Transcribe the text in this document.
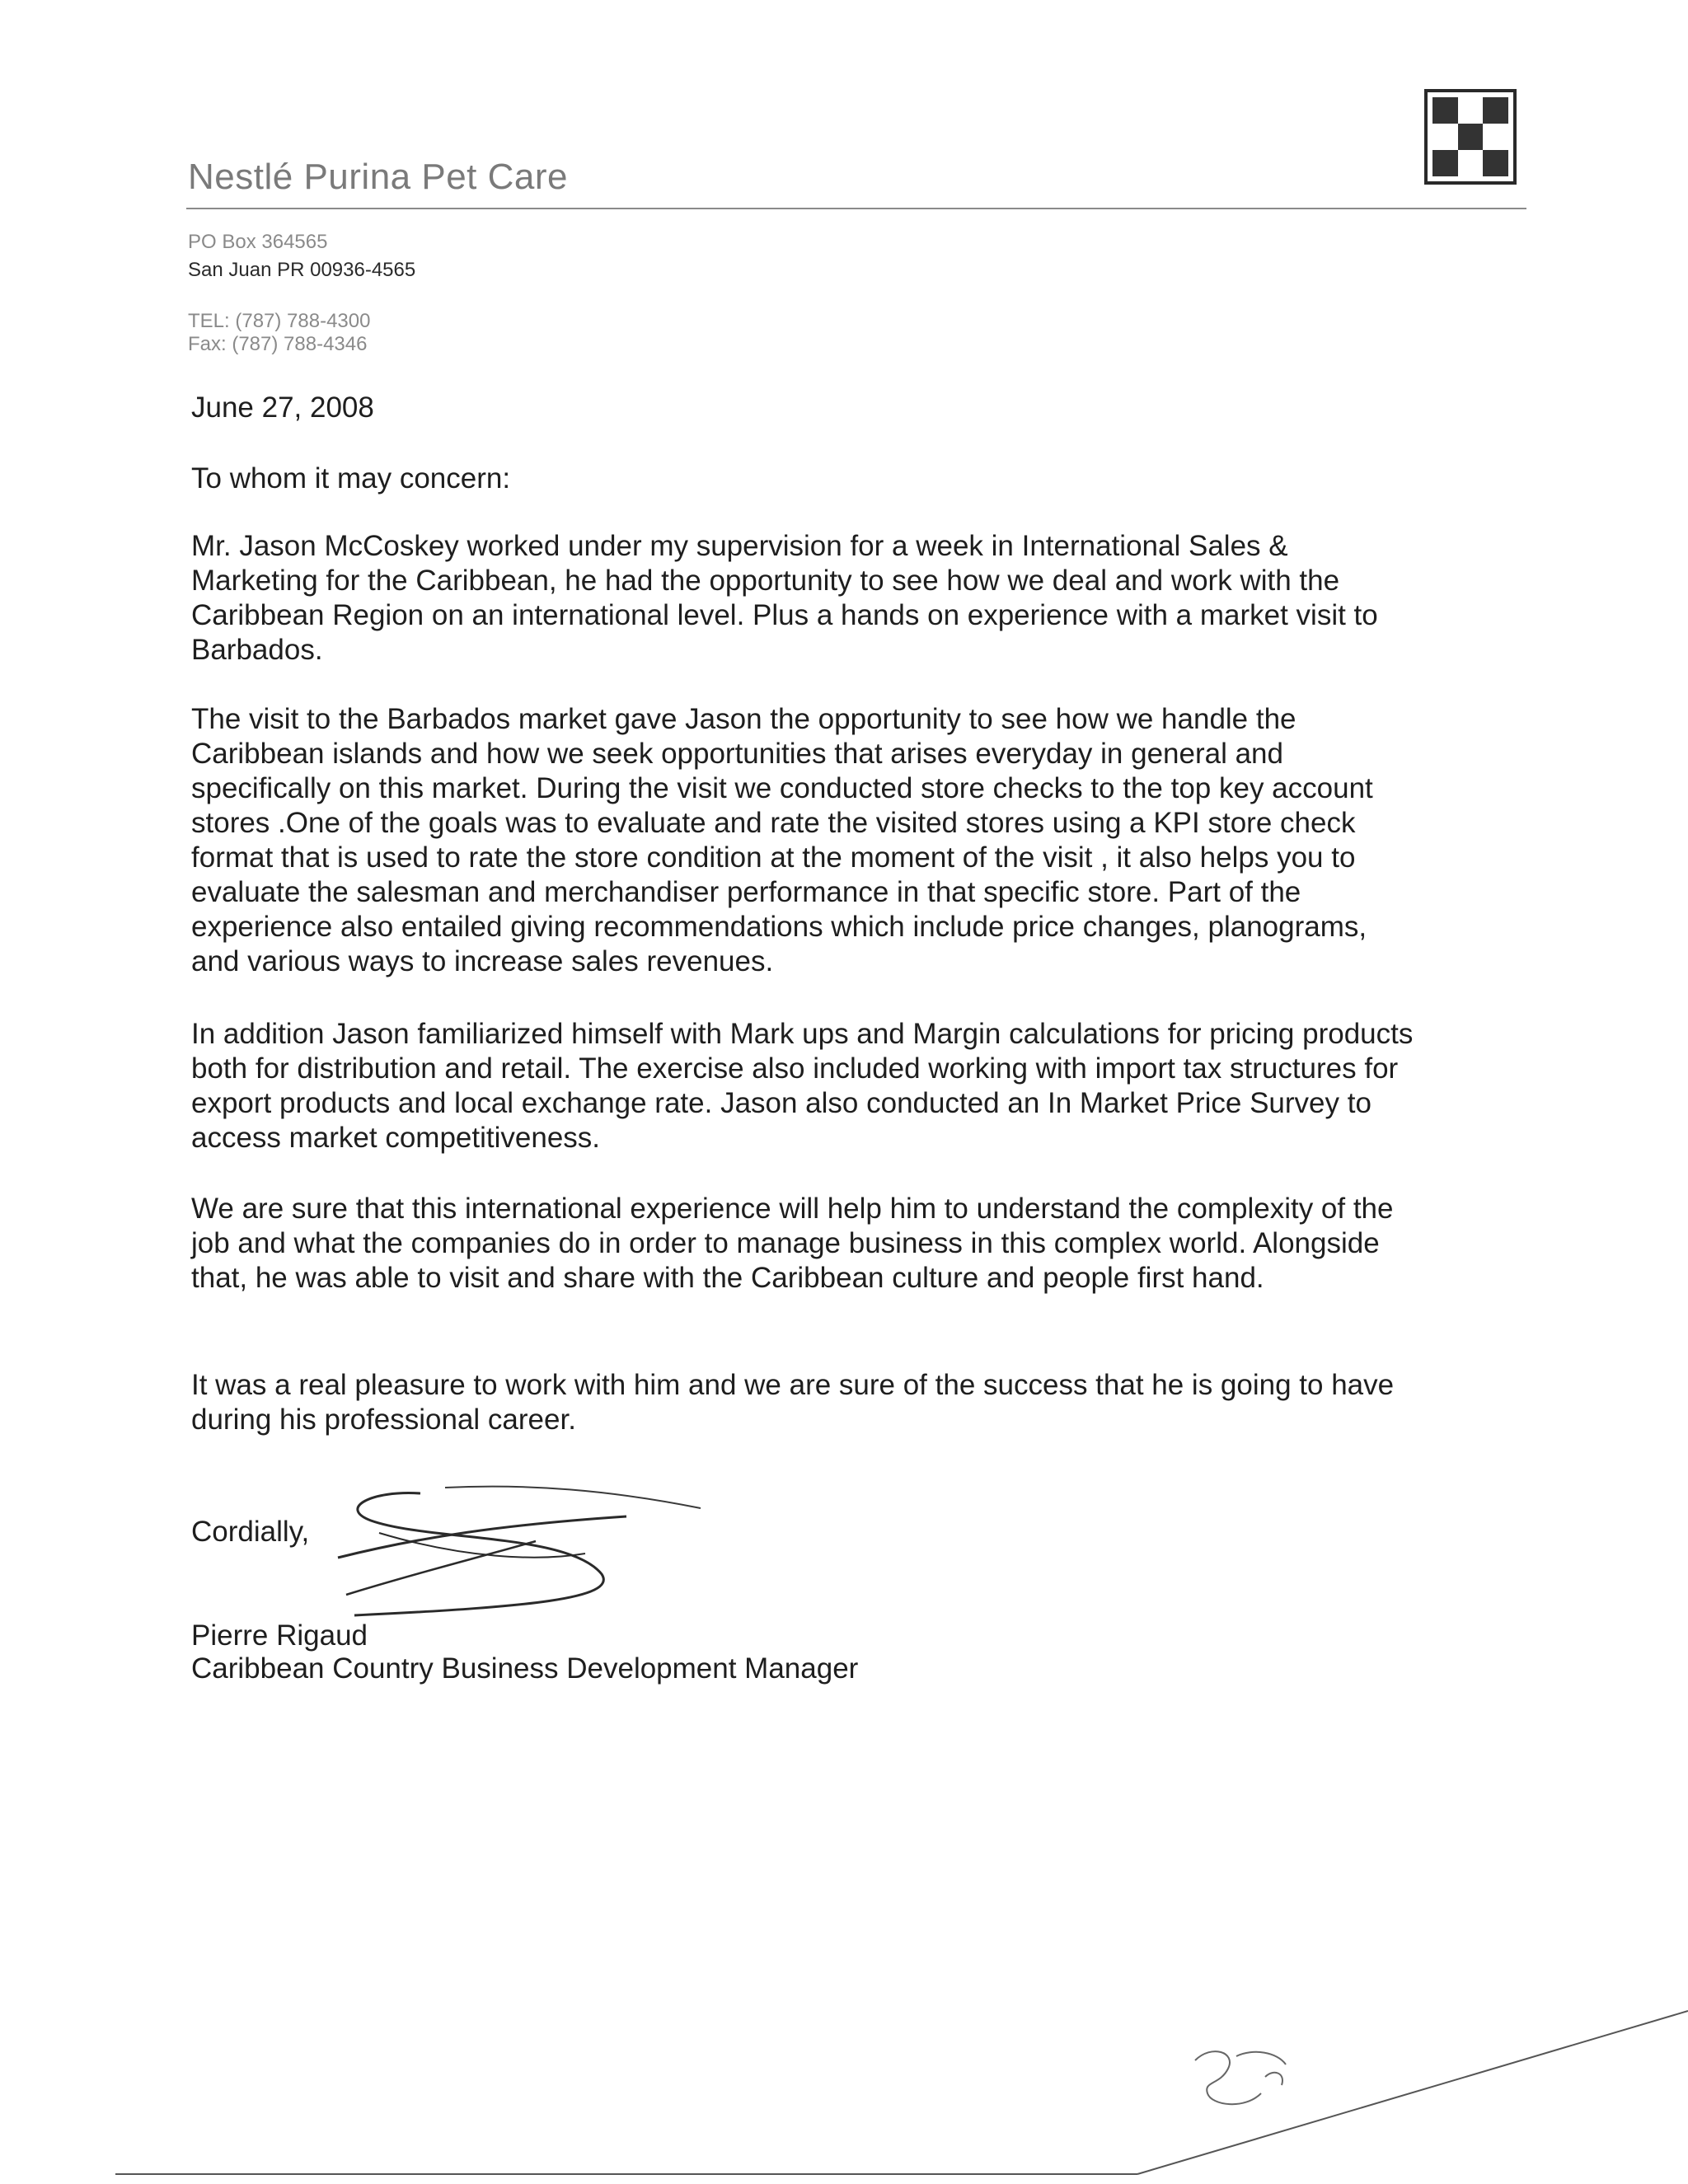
Nestlé Purina Pet Care
PO Box 364565
San Juan PR 00936-4565
TEL: (787) 788-4300
Fax: (787) 788-4346
June 27, 2008
To whom it may concern:
Mr. Jason McCoskey worked under my supervision for a week in International Sales &
Marketing for the Caribbean, he had the opportunity to see how we deal and work with the
Caribbean Region on an international level. Plus a hands on experience with a market visit to
Barbados.
The visit to the Barbados market gave Jason the opportunity to see how we handle the
Caribbean islands and how we seek opportunities that arises everyday in general and
specifically on this market. During the visit we conducted store checks to the top key account
stores .One of the goals was to evaluate and rate the visited stores using a KPI store check
format that is used to rate the store condition at the moment of the visit , it also helps you to
evaluate the salesman and merchandiser performance in that specific store. Part of the
experience also entailed giving recommendations which include price changes, planograms,
and various ways to increase sales revenues.
In addition Jason familiarized himself with Mark ups and Margin calculations for pricing products
both for distribution and retail. The exercise also included working with import tax structures for
export products and local exchange rate. Jason also conducted an In Market Price Survey to
access market competitiveness.
We are sure that this international experience will help him to understand the complexity of the
job and what the companies do in order to manage business in this complex world. Alongside
that, he was able to visit and share with the Caribbean culture and people first hand.
It was a real pleasure to work with him and we are sure of the success that he is going to have
during his professional career.
Cordially,
Pierre Rigaud
Caribbean Country Business Development Manager
